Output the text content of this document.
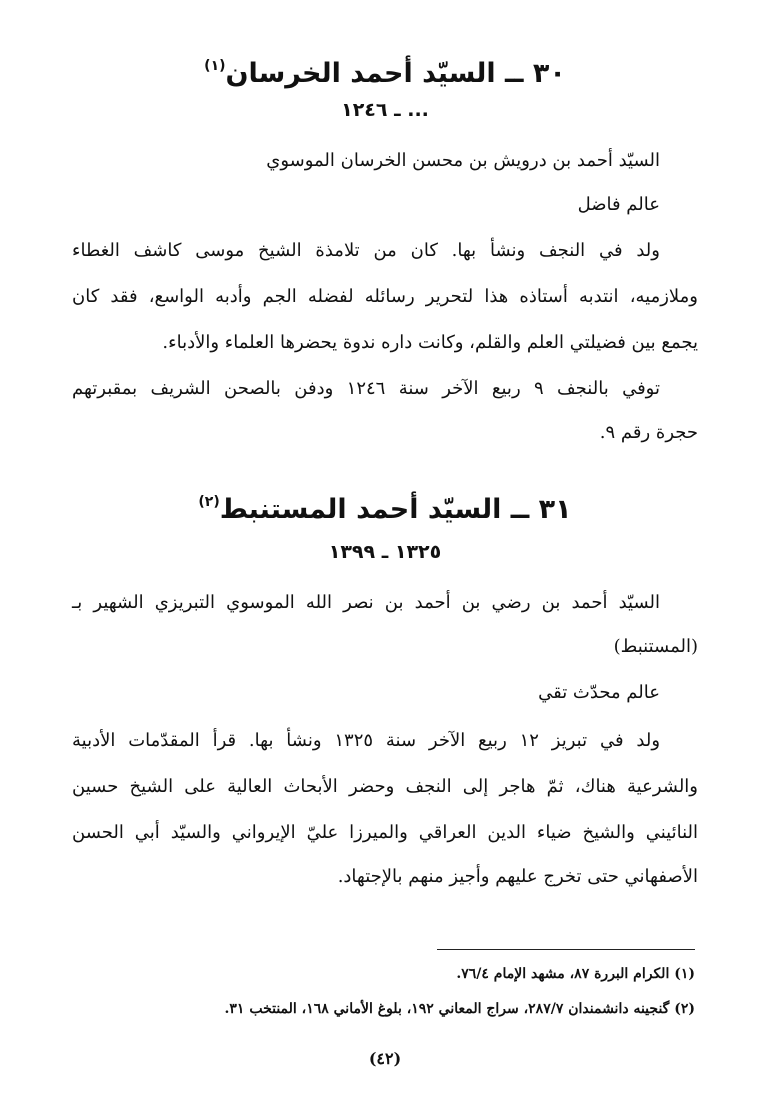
٣٠ ــ السيّد أحمد الخرسان$^{(١)}$
... ـ ١٢٤٦
السيّد أحمد بن درويش بن محسن الخرسان الموسوي
عالم فاضل
ولد في النجف ونشأ بها. كان من تلامذة الشيخ موسى كاشف الغطاء
وملازميه، انتدبه أستاذه هذا لتحرير رسائله لفضله الجم وأدبه الواسع، فقد كان
يجمع بين فضيلتي العلم والقلم، وكانت داره ندوة يحضرها العلماء والأدباء.
توفي بالنجف ٩ ربيع الآخر سنة ١٢٤٦ ودفن بالصحن الشريف بمقبرتهم
حجرة رقم ٩.
٣١ ــ السيّد أحمد المستنبط$^{(٢)}$
١٣٢٥ ـ ١٣٩٩
السيّد أحمد بن رضي بن أحمد بن نصر الله الموسوي التبريزي الشهير بـ
(المستنبط)
عالم محدّث تقي
ولد في تبريز ١٢ ربيع الآخر سنة ١٣٢٥ ونشأ بها. قرأ المقدّمات الأدبية
والشرعية هناك، ثمّ هاجر إلى النجف وحضر الأبحاث العالية على الشيخ حسين
النائيني والشيخ ضياء الدين العراقي والميرزا عليّ الإيرواني والسيّد أبي الحسن
الأصفهاني حتى تخرج عليهم وأجيز منهم بالإجتهاد.
(١) الكرام البررة ٨٧، مشهد الإمام ٧٦/٤.
(٢) گنجينه دانشمندان ٢٨٧/٧، سراج المعاني ١٩٢، بلوغ الأماني ١٦٨، المنتخب ٣١.
(٤٢)
